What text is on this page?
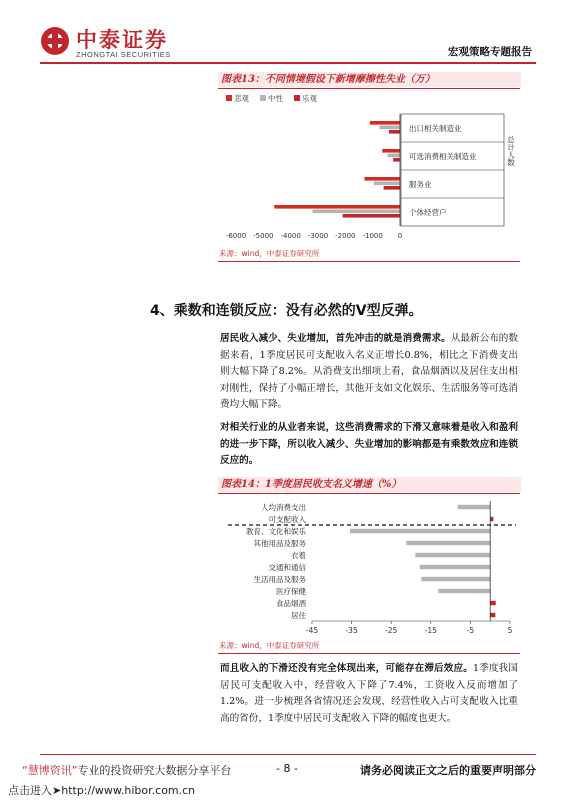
中泰证券
ZHONGTAI SECURITIES	宏观策略专题报告
图表13：不同情境假设下新增摩擦性失业（万）
悲观	中性	乐观
出口相关制造业
可选消费相关制造业
服务业
个体经营户
总计人数
-6000 -5000 -4000 -3000 -2000 -1000 0
来源：wind，中泰证券研究所
4、乘数和连锁反应：没有必然的V型反弹。
居民收入减少、失业增加，首先冲击的就是消费需求。从最新公布的数据来看，1季度居民可支配收入名义正增长0.8%，相比之下消费支出则大幅下降了8.2%。从消费支出细项上看，食品烟酒以及居住支出相对刚性，保持了小幅正增长，其他开支如文化娱乐、生活服务等可选消费均大幅下降。
对相关行业的从业者来说，这些消费需求的下滑又意味着是收入和盈利的进一步下降，所以收入减少、失业增加的影响都是有乘数效应和连锁反应的。
图表14：1季度居民收支名义增速（%）
人均消费支出
可支配收入
教育、文化和娱乐
其他用品及服务
衣着
交通和通信
生活用品及服务
医疗保健
食品烟酒
居住
-45	-35	-25	-15	-5	5
来源：wind，中泰证券研究所
而且收入的下滑还没有完全体现出来，可能存在滞后效应。1季度我国居民可支配收入中，经营收入下降了7.4%，工资收入反而增加了1.2%。进一步梳理各省情况还会发现，经营性收入占可支配收入比重高的省份，1季度中居民可支配收入下降的幅度也更大。
“慧博资讯”专业的投资研究大数据分享平台	- 8 -	请务必阅读正文之后的重要声明部分
点击进入➤http://www.hibor.com.cn
